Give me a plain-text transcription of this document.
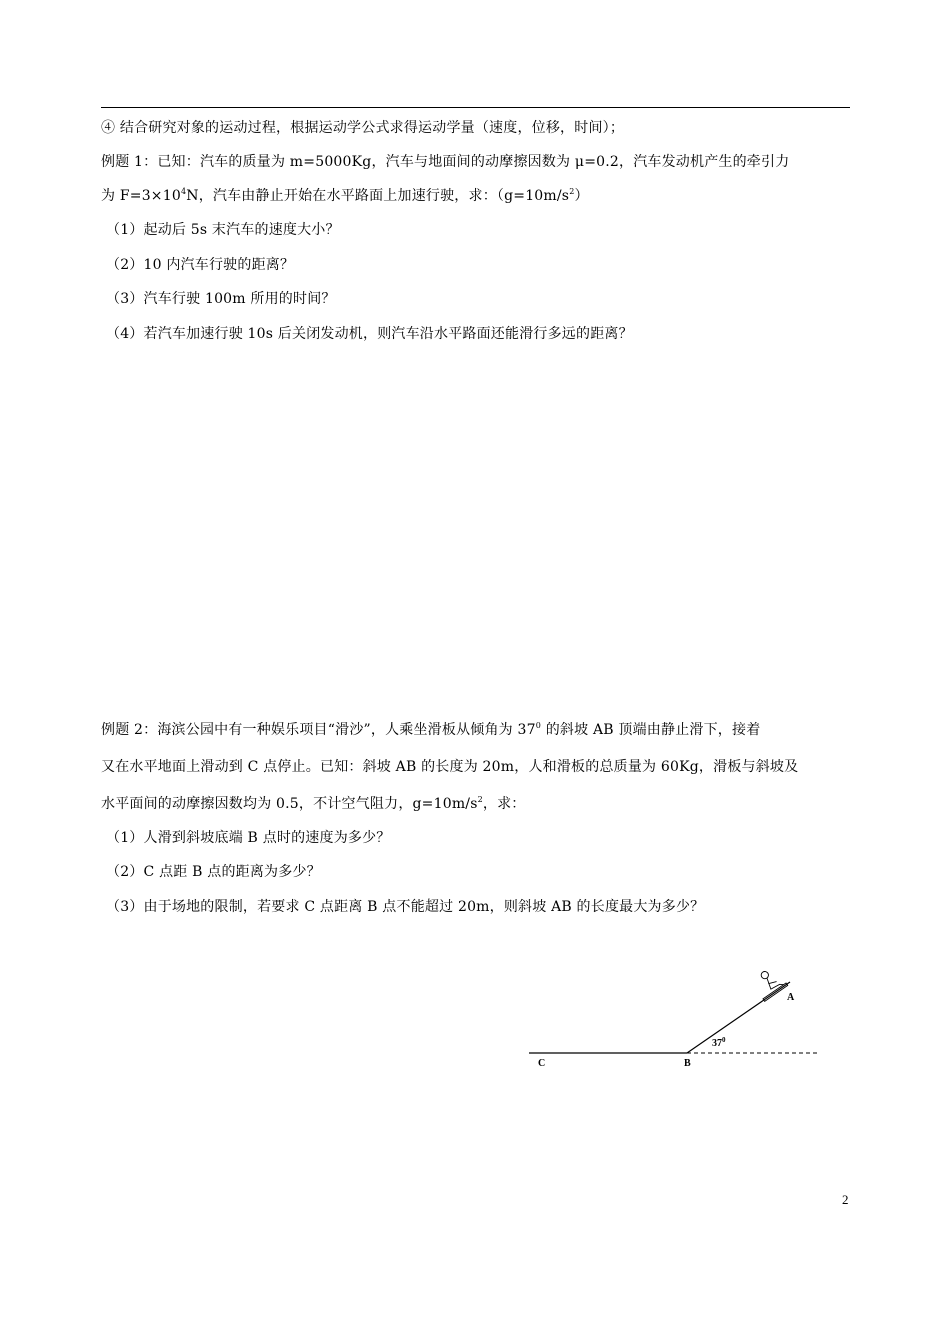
④ 结合研究对象的运动过程，根据运动学公式求得运动学量（速度，位移，时间）；
例题 1：已知：汽车的质量为 m=5000Kg，汽车与地面间的动摩擦因数为 μ=0.2，汽车发动机产生的牵引力
为 $F=3\times 10^4N$，汽车由静止开始在水平路面上加速行驶，求：$(g=10m/s^2)$
（1）起动后 5s 末汽车的速度大小？
（2）10 内汽车行驶的距离？
（3）汽车行驶 100m 所用的时间？
（4）若汽车加速行驶 10s 后关闭发动机，则汽车沿水平路面还能滑行多远的距离？
例题 2：海滨公园中有一种娱乐项目“滑沙”，人乘坐滑板从倾角为 $37^0$ 的斜坡 AB 顶端由静止滑下，接着
又在水平地面上滑动到 C 点停止。已知：斜坡 AB 的长度为 20m，人和滑板的总质量为 60Kg，滑板与斜坡及
水平面间的动摩擦因数均为 0.5，不计空气阻力，$g=10m/s^2$，求：
（1）人滑到斜坡底端 B 点时的速度为多少？
（2）C 点距 B 点的距离为多少？
（3）由于场地的限制，若要求 C 点距离 B 点不能超过 20m，则斜坡 AB 的长度最大为多少？
A
B
C
$37^0$
2
